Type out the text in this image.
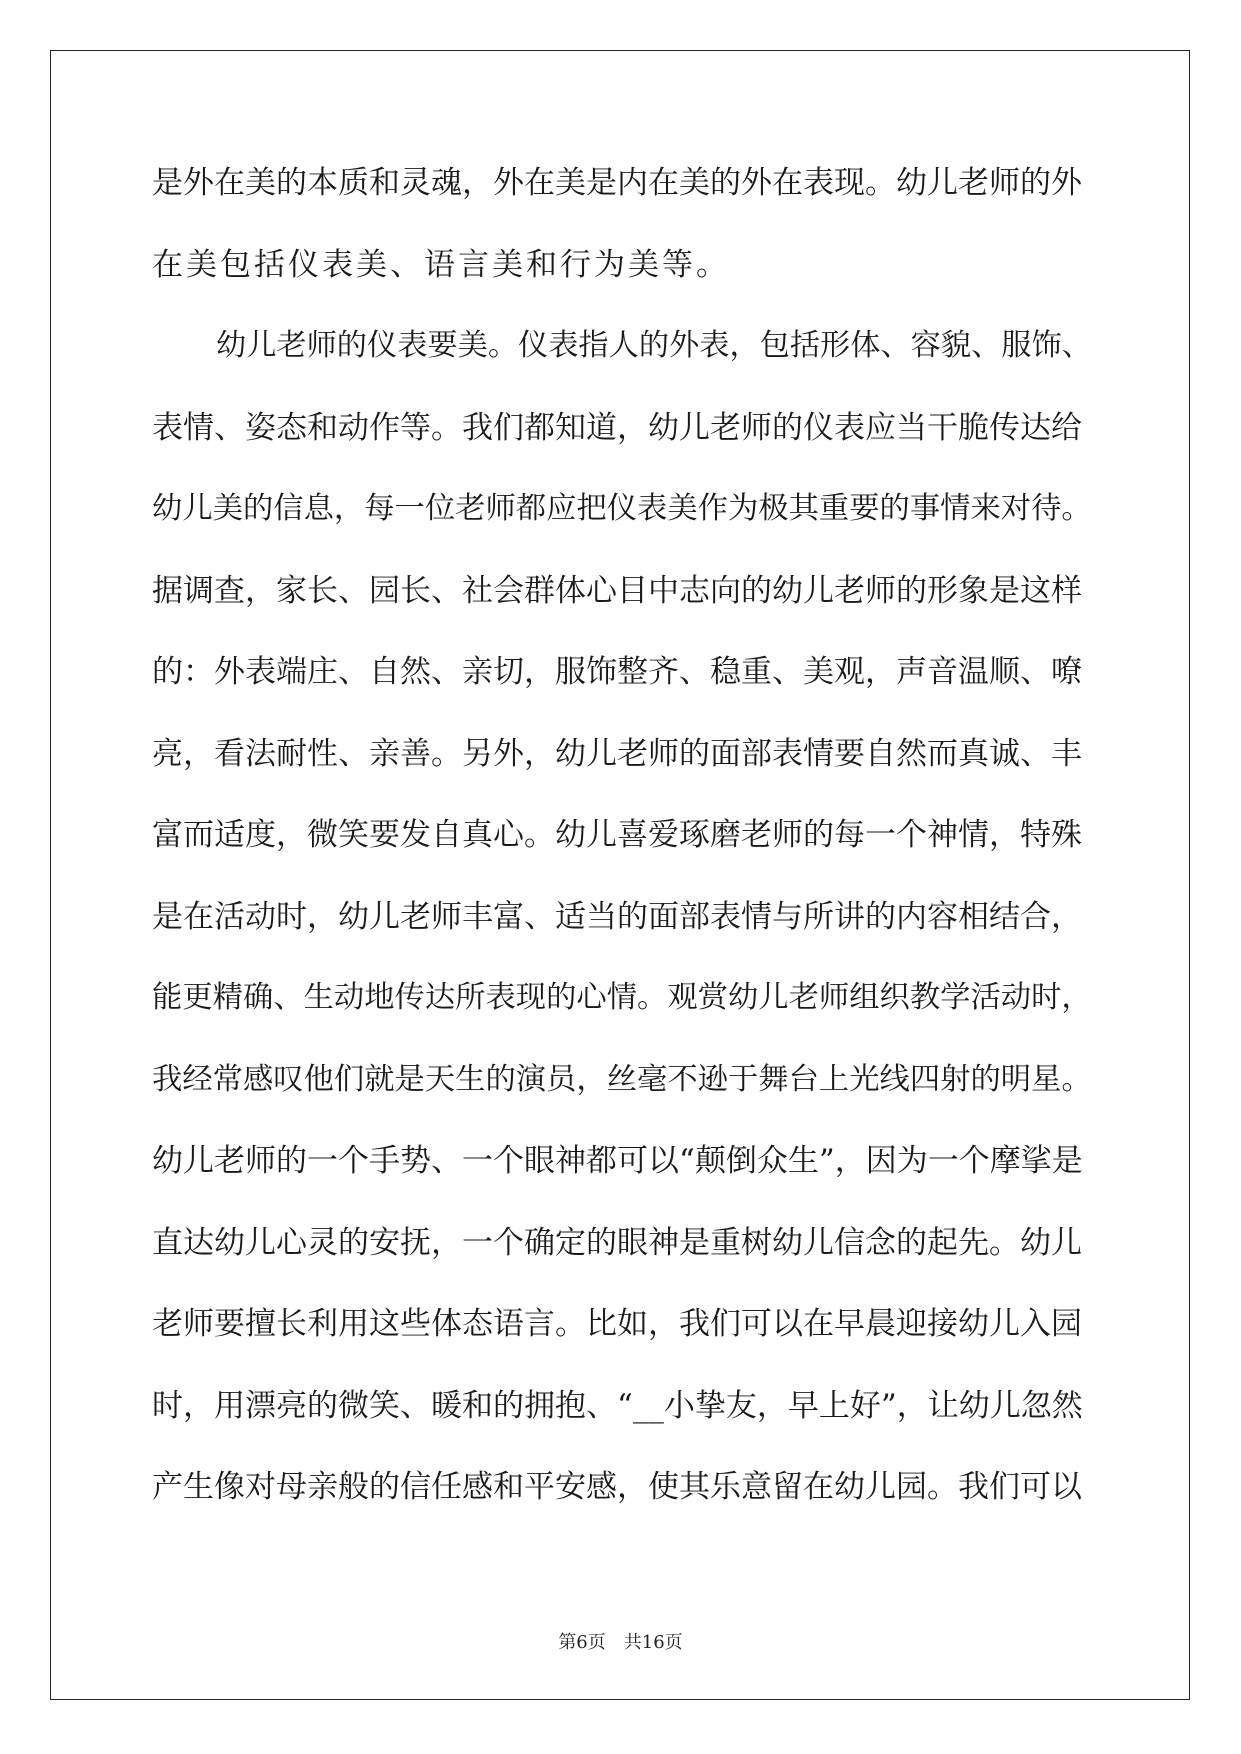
是外在美的本质和灵魂，外在美是内在美的外在表现。幼儿老师的外
在美包括仪表美、语言美和行为美等。
幼儿老师的仪表要美。仪表指人的外表，包括形体、容貌、服饰、
表情、姿态和动作等。我们都知道，幼儿老师的仪表应当干脆传达给
幼儿美的信息，每一位老师都应把仪表美作为极其重要的事情来对待。
据调查，家长、园长、社会群体心目中志向的幼儿老师的形象是这样
的：外表端庄、自然、亲切，服饰整齐、稳重、美观，声音温顺、嘹
亮，看法耐性、亲善。另外，幼儿老师的面部表情要自然而真诚、丰
富而适度，微笑要发自真心。幼儿喜爱琢磨老师的每一个神情，特殊
是在活动时，幼儿老师丰富、适当的面部表情与所讲的内容相结合，
能更精确、生动地传达所表现的心情。观赏幼儿老师组织教学活动时，
我经常感叹他们就是天生的演员，丝毫不逊于舞台上光线四射的明星。
幼儿老师的一个手势、一个眼神都可以“颠倒众生”，因为一个摩挲是
直达幼儿心灵的安抚，一个确定的眼神是重树幼儿信念的起先。幼儿
老师要擅长利用这些体态语言。比如，我们可以在早晨迎接幼儿入园
时，用漂亮的微笑、暖和的拥抱、“__小挚友，早上好”，让幼儿忽然
产生像对母亲般的信任感和平安感，使其乐意留在幼儿园。我们可以
第6页　共16页
